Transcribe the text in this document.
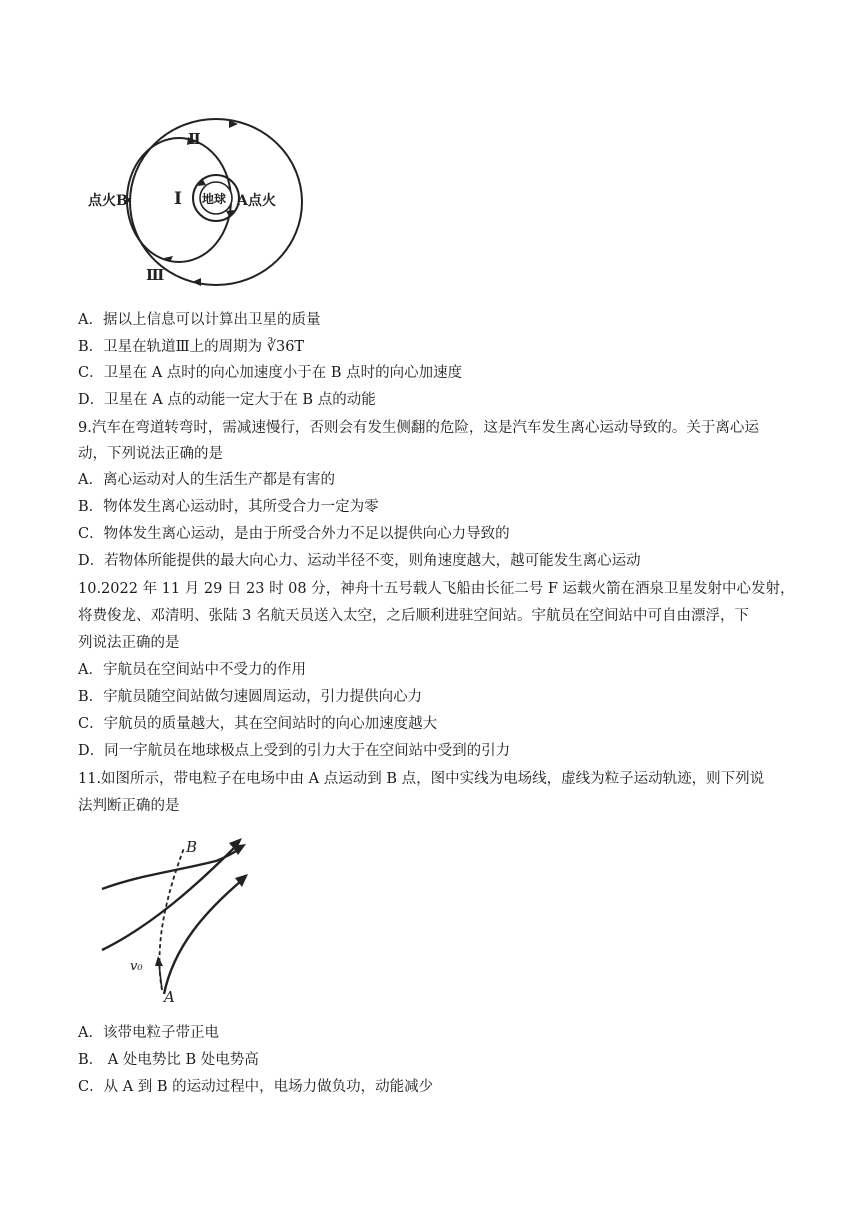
点火B	A点火
地球
Ⅰ
Ⅱ
Ⅲ
A．据以上信息可以计算出卫星的质量
B．卫星在轨道Ⅲ上的周期为 ∛36T
C．卫星在 A 点时的向心加速度小于在 B 点时的向心加速度
D．卫星在 A 点的动能一定大于在 B 点的动能
9.汽车在弯道转弯时，需减速慢行，否则会有发生侧翻的危险，这是汽车发生离心运动导致的。关于离心运
动，下列说法正确的是
A．离心运动对人的生活生产都是有害的
B．物体发生离心运动时，其所受合力一定为零
C．物体发生离心运动，是由于所受合外力不足以提供向心力导致的
D．若物体所能提供的最大向心力、运动半径不变，则角速度越大，越可能发生离心运动
10.2022 年 11 月 29 日 23 时 08 分，神舟十五号载人飞船由长征二号 F 运载火箭在酒泉卫星发射中心发射，
将费俊龙、邓清明、张陆 3 名航天员送入太空，之后顺利进驻空间站。宇航员在空间站中可自由漂浮，下
列说法正确的是
A．宇航员在空间站中不受力的作用
B．宇航员随空间站做匀速圆周运动，引力提供向心力
C．宇航员的质量越大，其在空间站时的向心加速度越大
D．同一宇航员在地球极点上受到的引力大于在空间站中受到的引力
11.如图所示，带电粒子在电场中由 A 点运动到 B 点，图中实线为电场线，虚线为粒子运动轨迹，则下列说
法判断正确的是
B
A
v₀
A．该带电粒子带正电
B． A 处电势比 B 处电势高
C．从 A 到 B 的运动过程中，电场力做负功，动能减少
